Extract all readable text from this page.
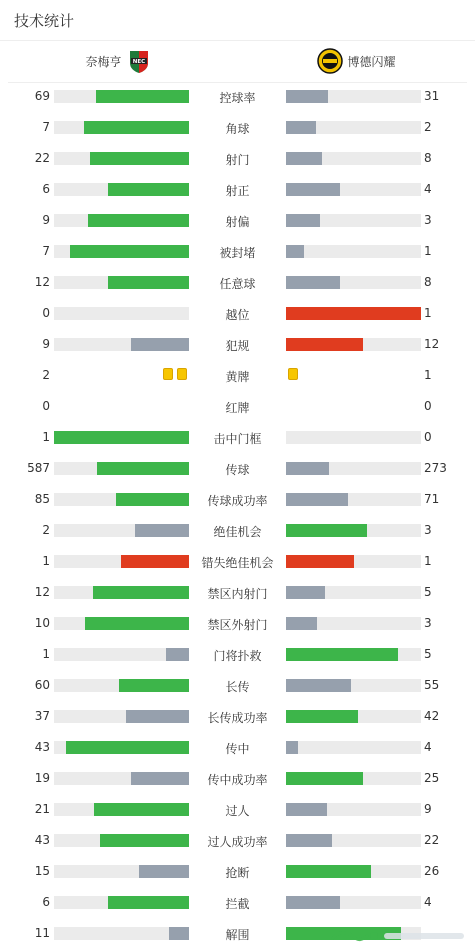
技术统计
奈梅亨 NEC	博德闪耀
69	控球率	31
7	角球	2
22	射门	8
6	射正	4
9	射偏	3
7	被封堵	1
12	任意球	8
0	越位	1
9	犯规	12
2	黄牌	1
0	红牌	0
1	击中门框	0
587	传球	273
85	传球成功率	71
2	绝佳机会	3
1	错失绝佳机会	1
12	禁区内射门	5
10	禁区外射门	3
1	门将扑救	5
60	长传	55
37	长传成功率	42
43	传中	4
19	传中成功率	25
21	过人	9
43	过人成功率	22
15	抢断	26
6	拦截	4
11	解围
